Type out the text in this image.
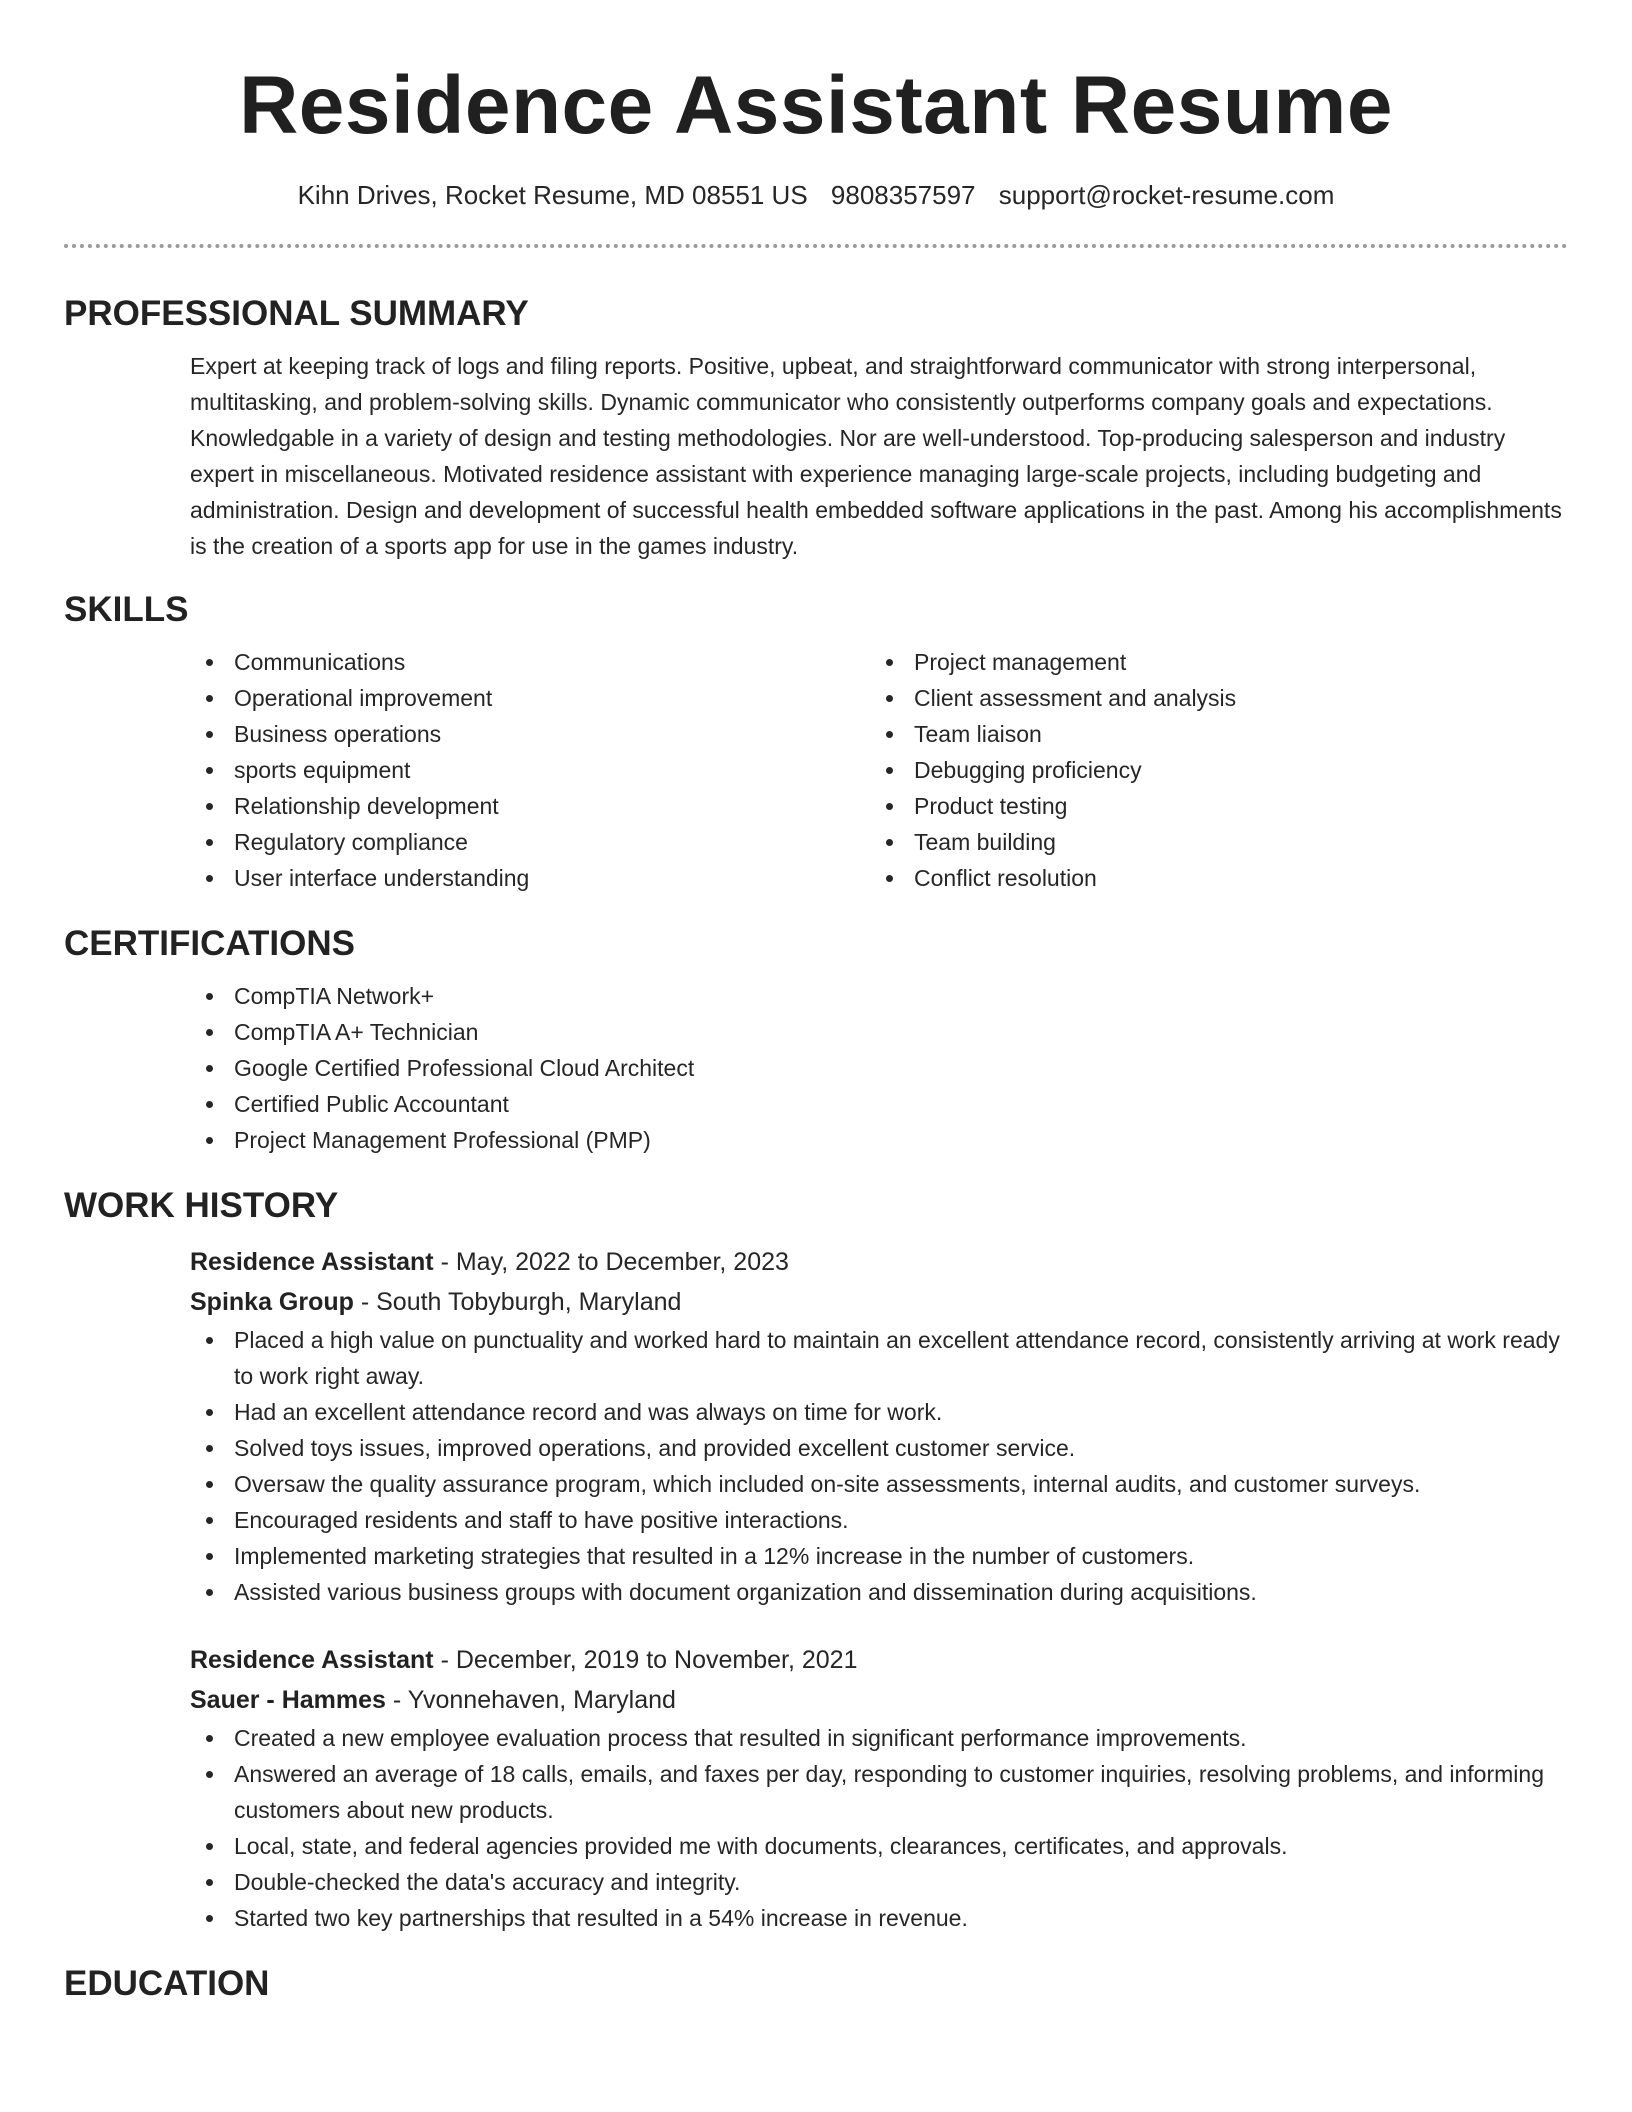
Residence Assistant Resume
Kihn Drives, Rocket Resume, MD 08551 US 9808357597 support@rocket-resume.com
PROFESSIONAL SUMMARY
Expert at keeping track of logs and filing reports. Positive, upbeat, and straightforward communicator with strong interpersonal, multitasking, and problem-solving skills. Dynamic communicator who consistently outperforms company goals and expectations. Knowledgable in a variety of design and testing methodologies. Nor are well-understood. Top-producing salesperson and industry expert in miscellaneous. Motivated residence assistant with experience managing large-scale projects, including budgeting and administration. Design and development of successful health embedded software applications in the past. Among his accomplishments is the creation of a sports app for use in the games industry.
SKILLS
Communications
Operational improvement
Business operations
sports equipment
Relationship development
Regulatory compliance
User interface understanding
Project management
Client assessment and analysis
Team liaison
Debugging proficiency
Product testing
Team building
Conflict resolution
CERTIFICATIONS
CompTIA Network+
CompTIA A+ Technician
Google Certified Professional Cloud Architect
Certified Public Accountant
Project Management Professional (PMP)
WORK HISTORY
Residence Assistant - May, 2022 to December, 2023
Spinka Group - South Tobyburgh, Maryland
Placed a high value on punctuality and worked hard to maintain an excellent attendance record, consistently arriving at work ready to work right away.
Had an excellent attendance record and was always on time for work.
Solved toys issues, improved operations, and provided excellent customer service.
Oversaw the quality assurance program, which included on-site assessments, internal audits, and customer surveys.
Encouraged residents and staff to have positive interactions.
Implemented marketing strategies that resulted in a 12% increase in the number of customers.
Assisted various business groups with document organization and dissemination during acquisitions.
Residence Assistant - December, 2019 to November, 2021
Sauer - Hammes - Yvonnehaven, Maryland
Created a new employee evaluation process that resulted in significant performance improvements.
Answered an average of 18 calls, emails, and faxes per day, responding to customer inquiries, resolving problems, and informing customers about new products.
Local, state, and federal agencies provided me with documents, clearances, certificates, and approvals.
Double-checked the data's accuracy and integrity.
Started two key partnerships that resulted in a 54% increase in revenue.
EDUCATION
